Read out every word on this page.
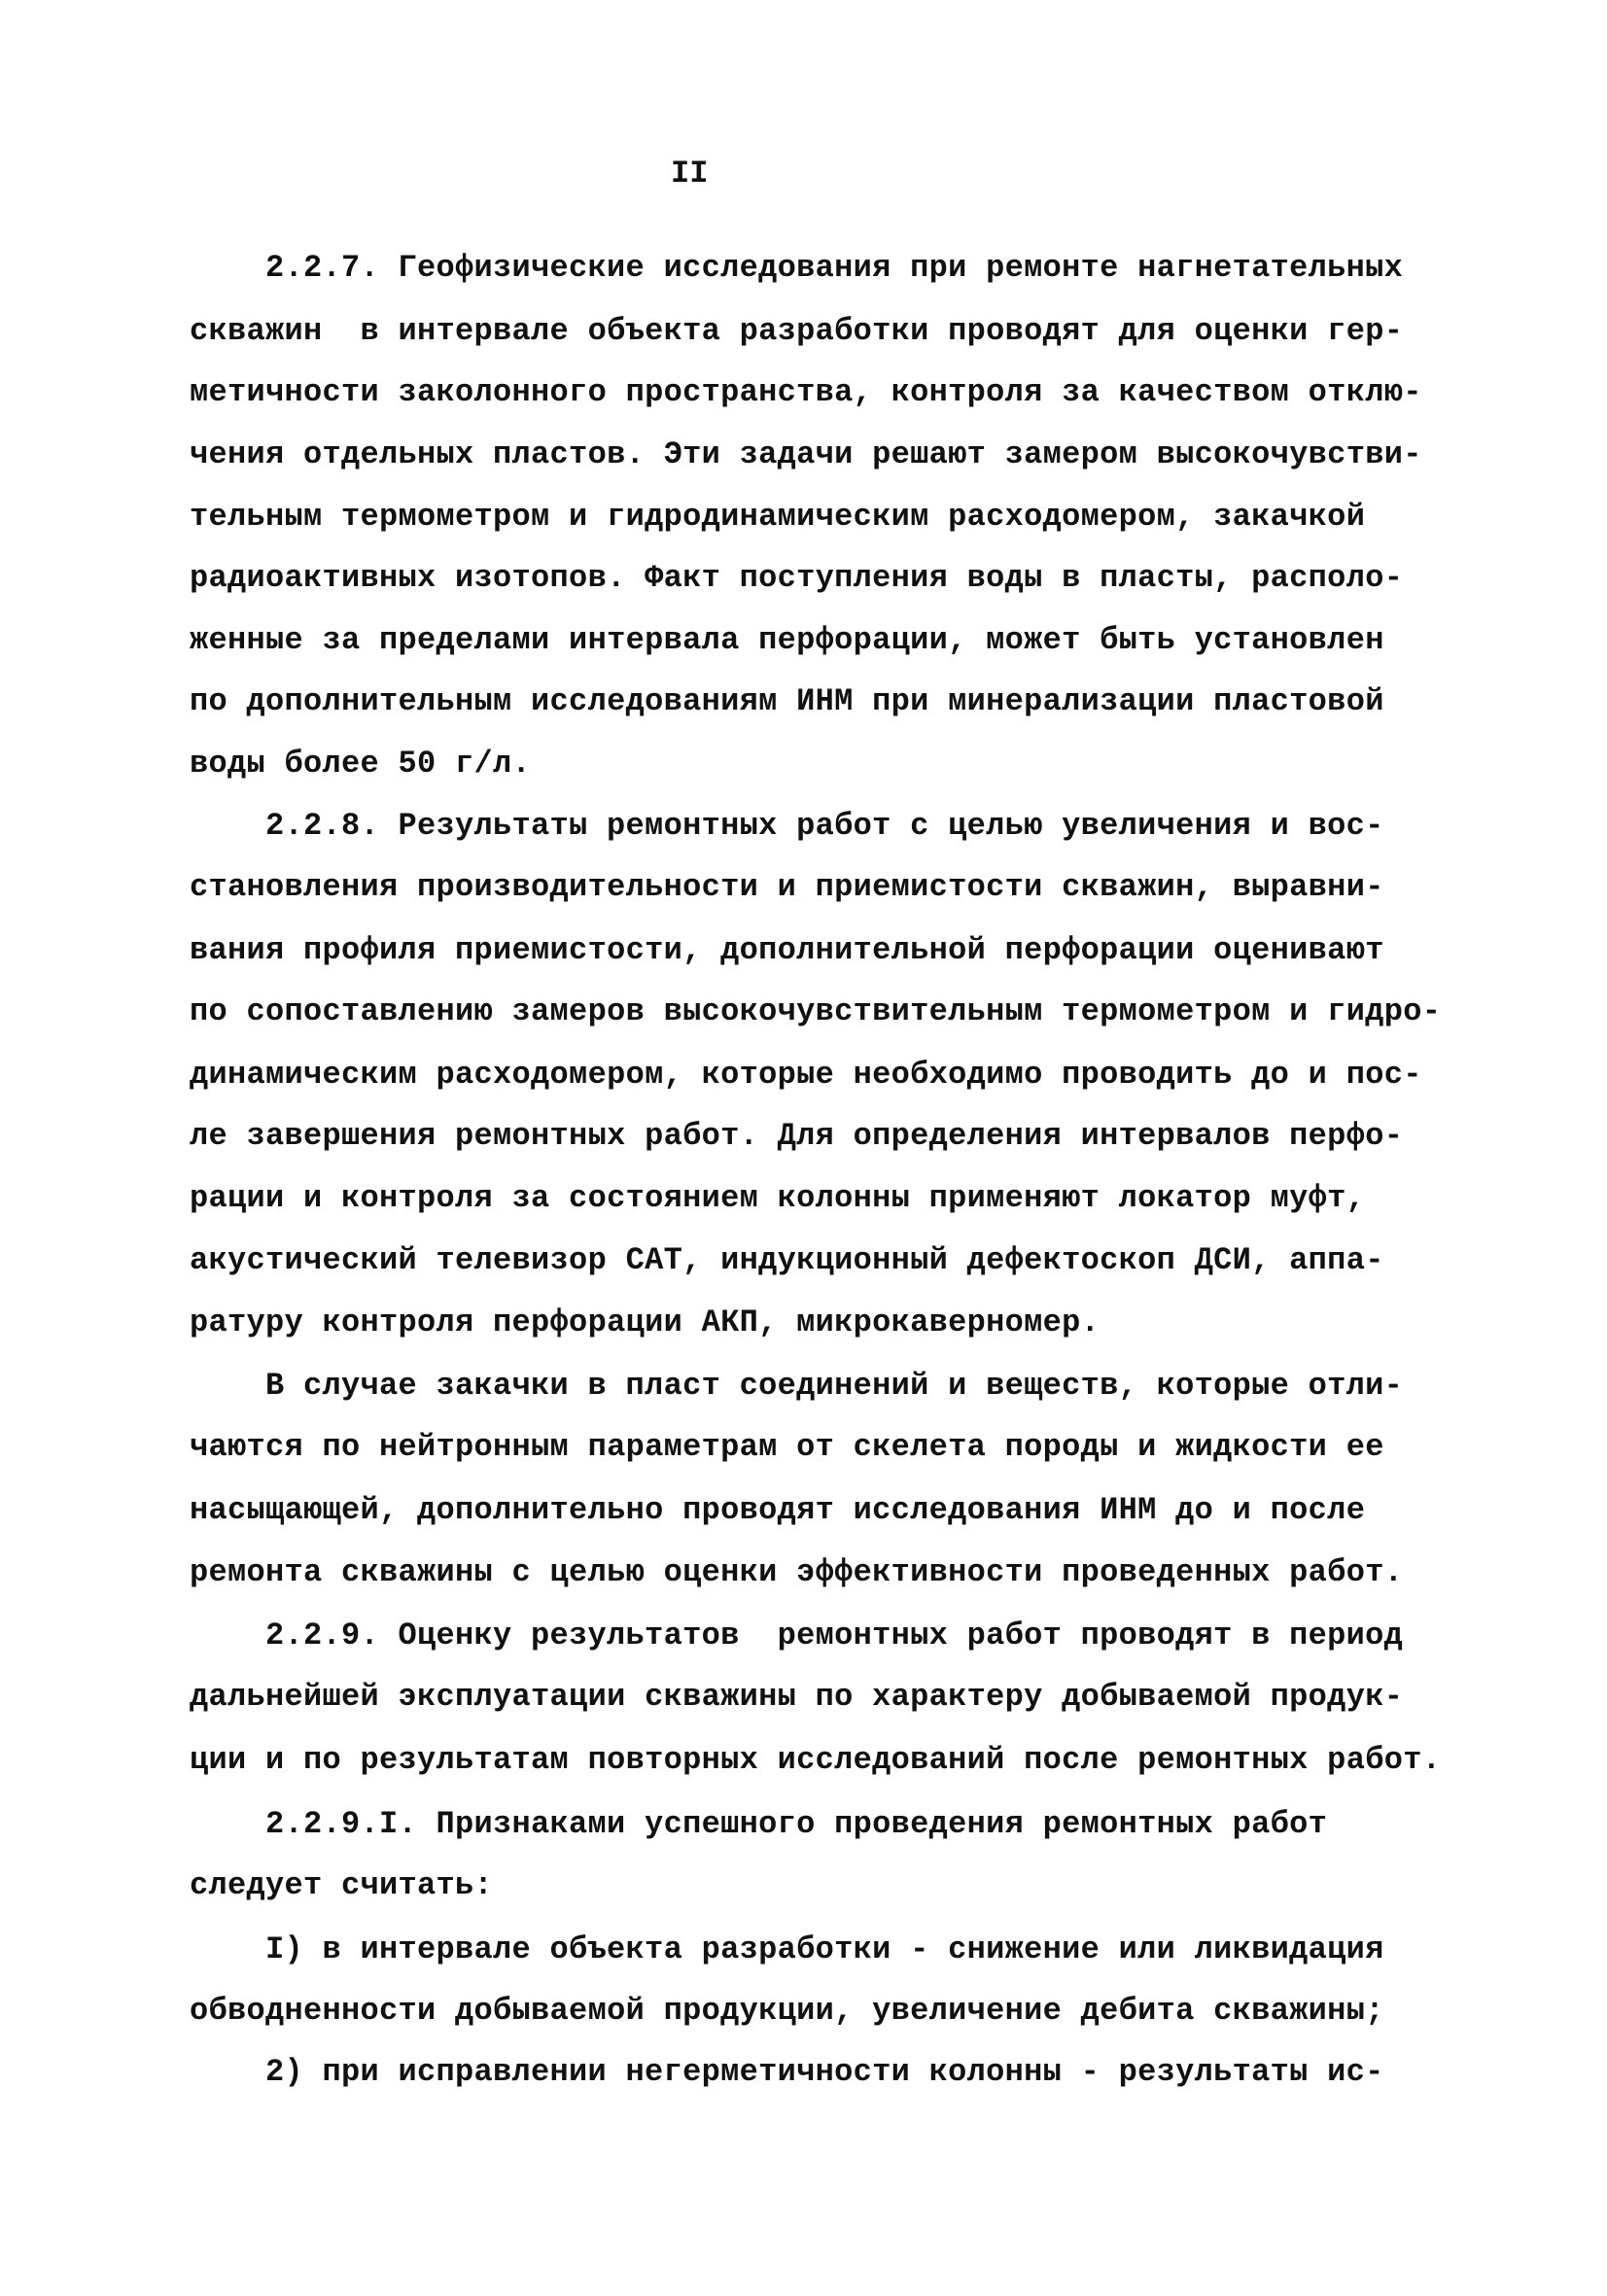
II
2.2.7. Геофизические исследования при ремонте нагнетательных
скважин  в интервале объекта разработки проводят для оценки гер-
метичности заколонного пространства, контроля за качеством отклю-
чения отдельных пластов. Эти задачи решают замером высокочувстви-
тельным термометром и гидродинамическим расходомером, закачкой
радиоактивных изотопов. Факт поступления воды в пласты, располо-
женные за пределами интервала перфорации, может быть установлен
по дополнительным исследованиям ИНМ при минерализации пластовой
воды более 50 г/л.
2.2.8. Результаты ремонтных работ с целью увеличения и вос-
становления производительности и приемистости скважин, выравни-
вания профиля приемистости, дополнительной перфорации оценивают
по сопоставлению замеров высокочувствительным термометром и гидро-
динамическим расходомером, которые необходимо проводить до и пос-
ле завершения ремонтных работ. Для определения интервалов перфо-
рации и контроля за состоянием колонны применяют локатор муфт,
акустический телевизор САТ, индукционный дефектоскоп ДСИ, аппа-
ратуру контроля перфорации АКП, микрокаверномер.
В случае закачки в пласт соединений и веществ, которые отли-
чаются по нейтронным параметрам от скелета породы и жидкости ее
насыщающей, дополнительно проводят исследования ИНМ до и после
ремонта скважины с целью оценки эффективности проведенных работ.
2.2.9. Оценку результатов  ремонтных работ проводят в период
дальнейшей эксплуатации скважины по характеру добываемой продук-
ции и по результатам повторных исследований после ремонтных работ.
2.2.9.I. Признаками успешного проведения ремонтных работ
следует считать:
I) в интервале объекта разработки - снижение или ликвидация
обводненности добываемой продукции, увеличение дебита скважины;
2) при исправлении негерметичности колонны - результаты ис-
